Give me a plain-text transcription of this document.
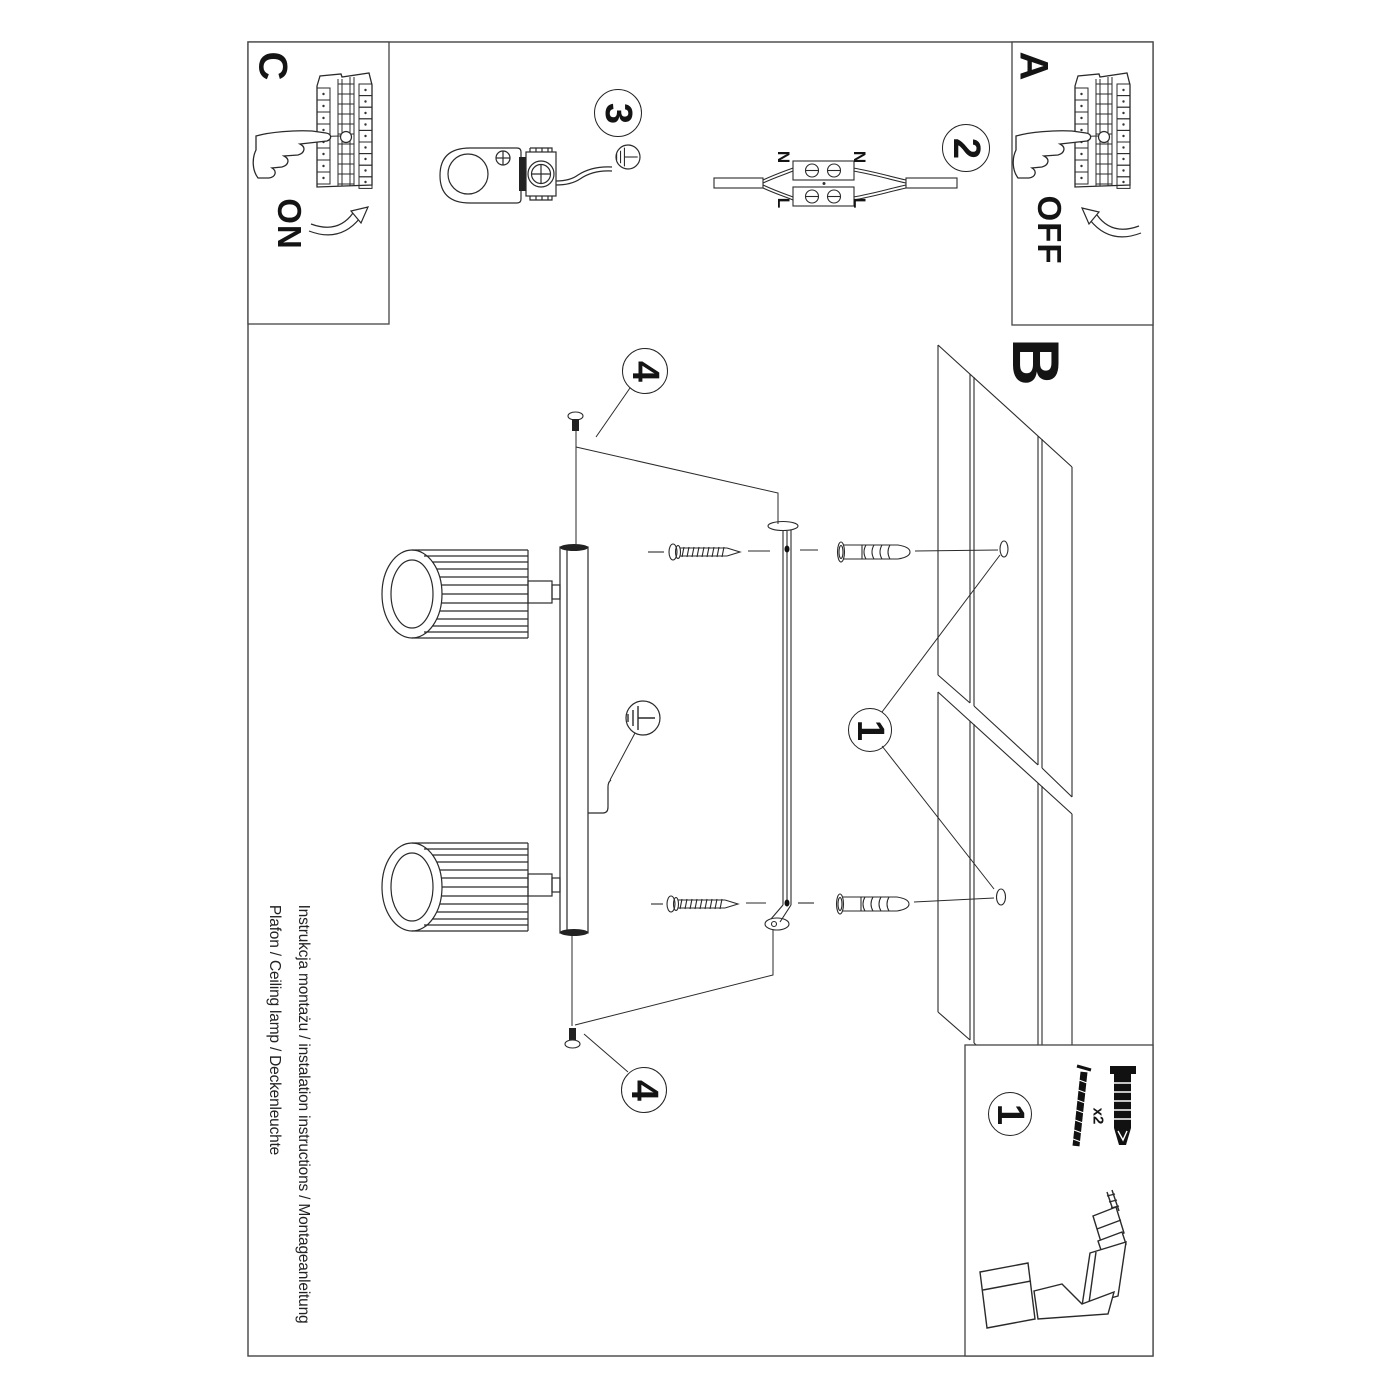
C
ON
A
OFF
B
3
2
4
4
1
1
N	N
L	L
x2
Instrukcja montażu / instalation instructions / Montageanleitung
Plafon / Ceiling lamp / Deckenleuchte
